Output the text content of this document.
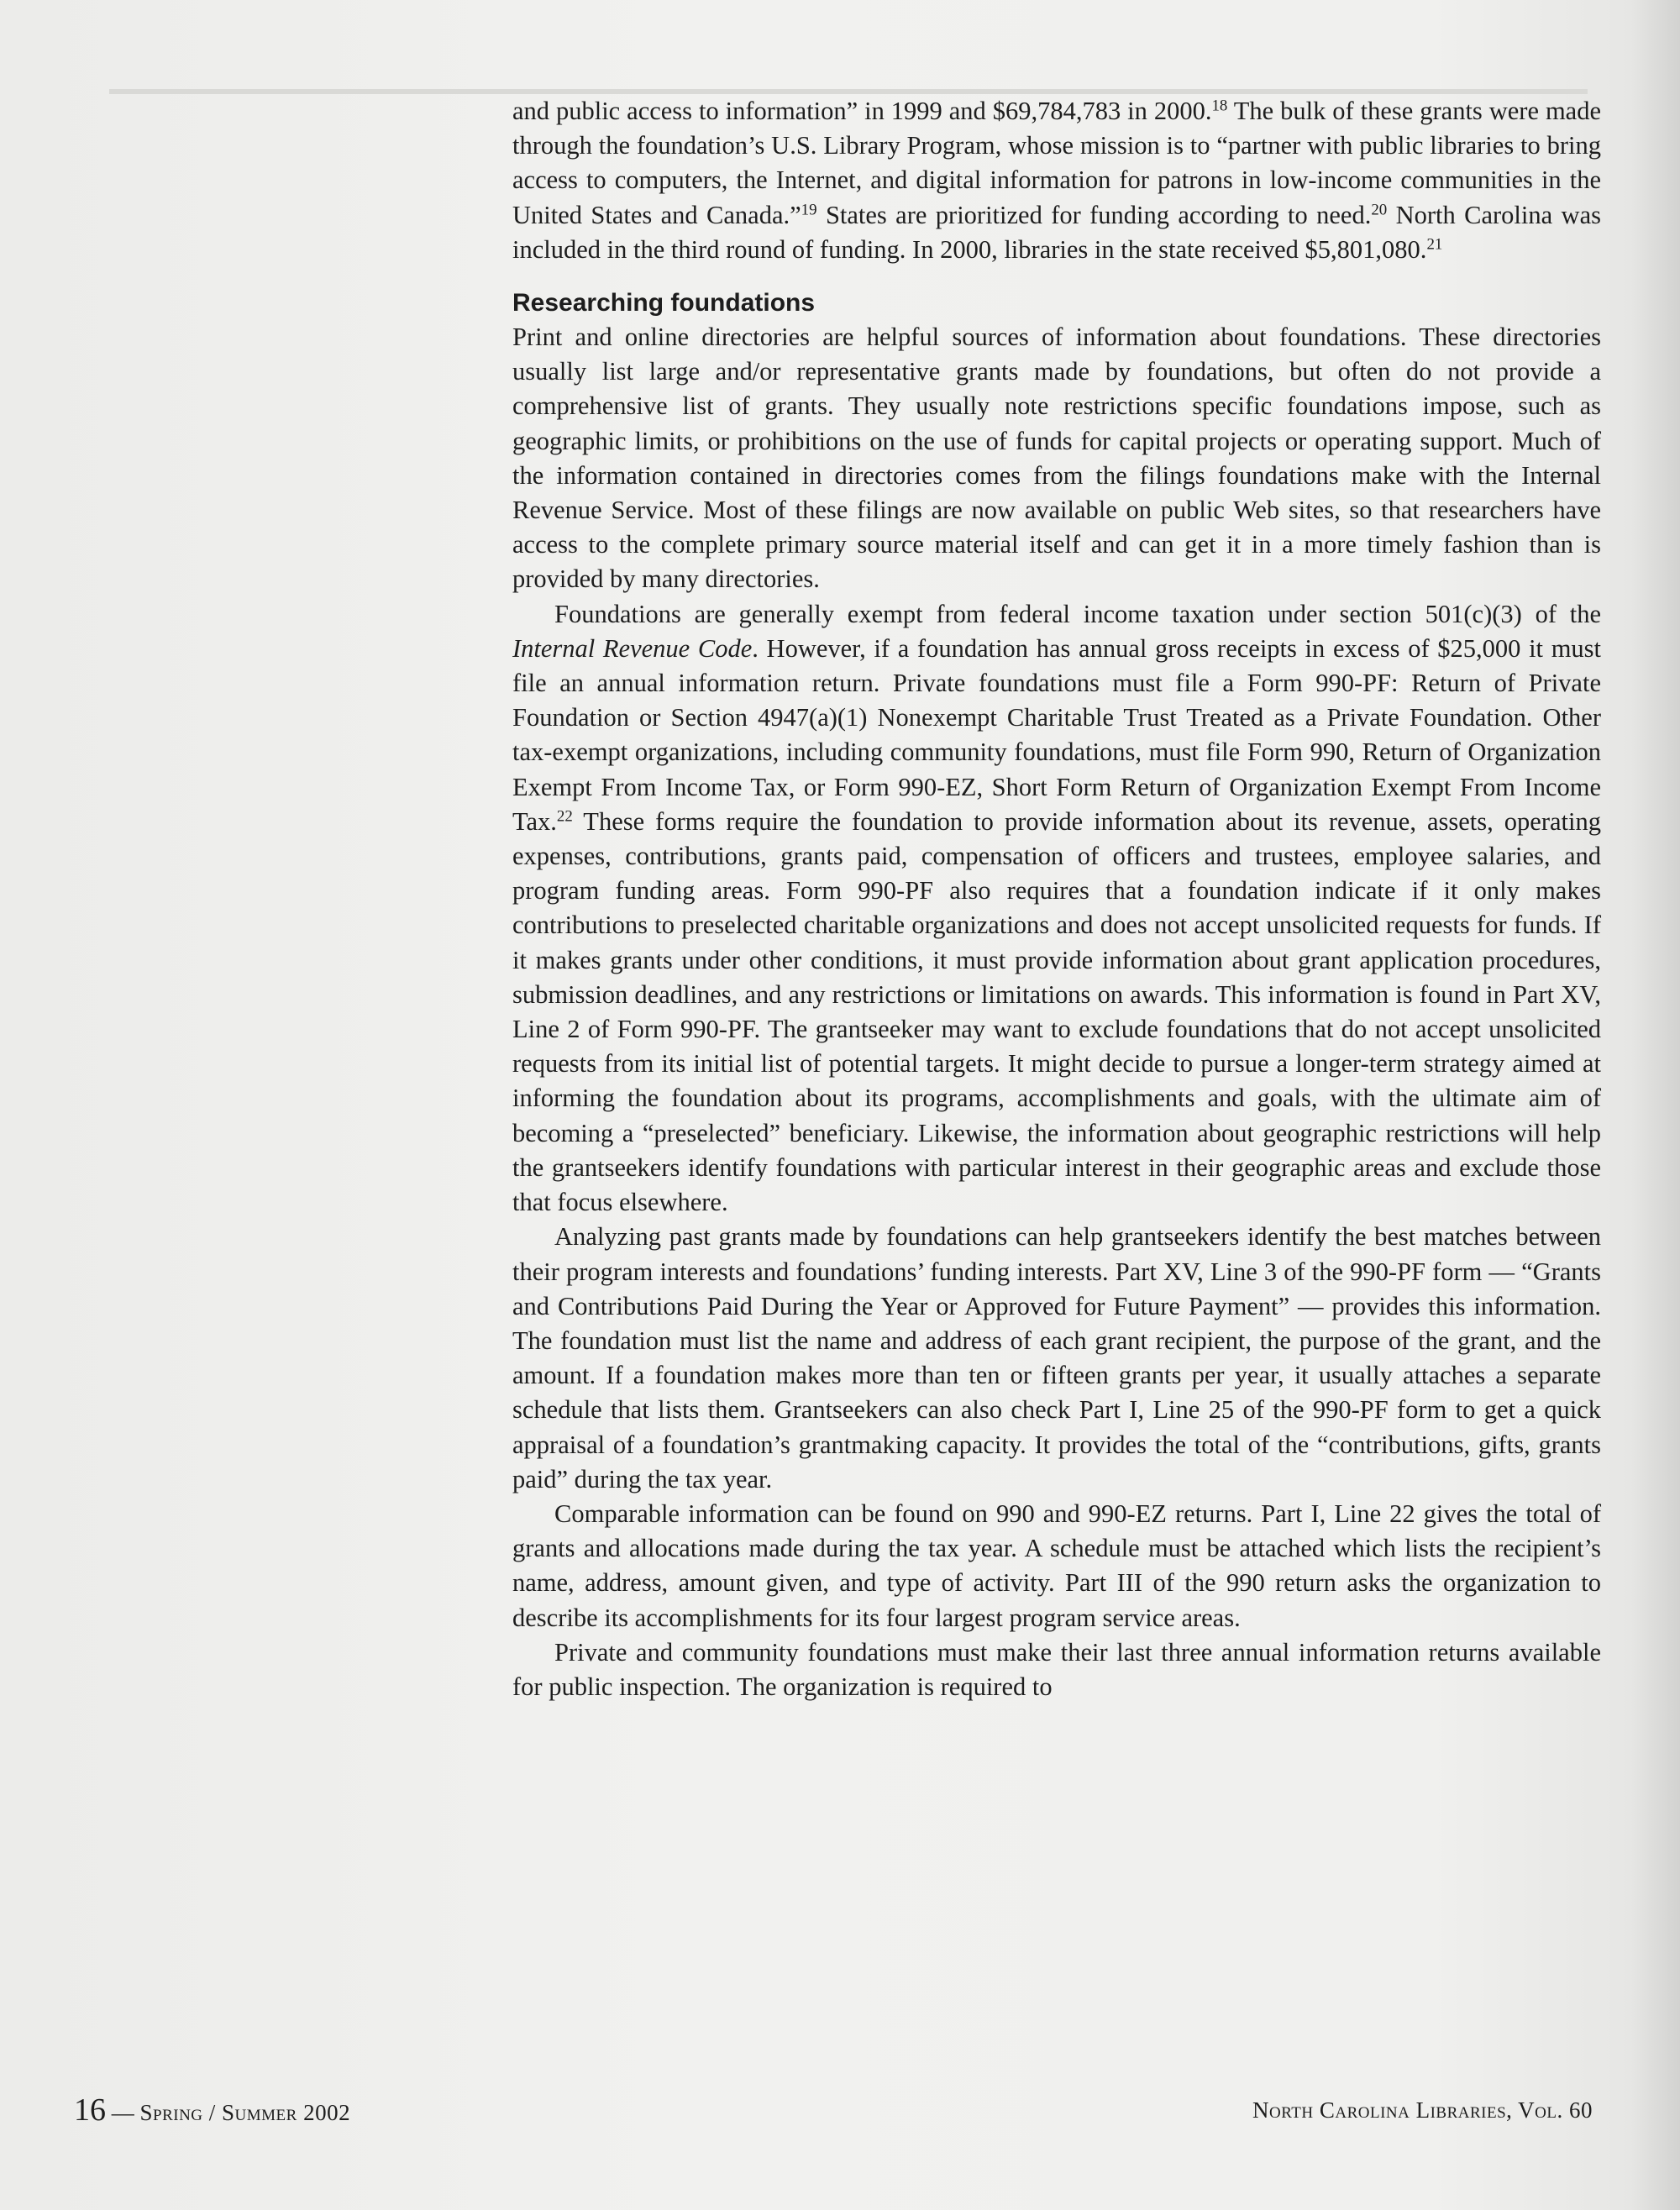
and public access to information” in 1999 and $69,784,783 in 2000.18 The bulk of these grants were made through the foundation’s U.S. Library Program, whose mission is to “partner with public libraries to bring access to computers, the Internet, and digital information for patrons in low-income communities in the United States and Canada.”$^{19}$ States are prioritized for funding according to need.$^{20}$ North Carolina was included in the third round of funding. In 2000, libraries in the state received $5,801,080.21

Researching foundations

Print and online directories are helpful sources of information about foundations. These directories usually list large and/or representative grants made by foundations, but often do not provide a comprehensive list of grants. They usually note restrictions specific foundations impose, such as geographic limits, or prohibitions on the use of funds for capital projects or operating support. Much of the information contained in directories comes from the filings foundations make with the Internal Revenue Service. Most of these filings are now available on public Web sites, so that researchers have access to the complete primary source material itself and can get it in a more timely fashion than is provided by many directories.

Foundations are generally exempt from federal income taxation under section 501(c)(3) of the Internal Revenue Code. However, if a foundation has annual gross receipts in excess of $25,000 it must file an annual information return. Private foundations must file a Form 990-PF: Return of Private Foundation or Section 4947(a)(1) Nonexempt Charitable Trust Treated as a Private Foundation. Other tax-exempt organizations, including community foundations, must file Form 990, Return of Organization Exempt From Income Tax, or Form 990-EZ, Short Form Return of Organization Exempt From Income Tax.$^{22}$ These forms require the foundation to provide information about its revenue, assets, operating expenses, contributions, grants paid, compensation of officers and trustees, employee salaries, and program funding areas. Form 990-PF also requires that a foundation indicate if it only makes contributions to preselected charitable organizations and does not accept unsolicited requests for funds. If it makes grants under other conditions, it must provide information about grant application procedures, submission deadlines, and any restrictions or limitations on awards. This information is found in Part XV, Line 2 of Form 990-PF. The grantseeker may want to exclude foundations that do not accept unsolicited requests from its initial list of potential targets. It might decide to pursue a longer-term strategy aimed at informing the foundation about its programs, accomplishments and goals, with the ultimate aim of becoming a “preselected” beneficiary. Likewise, the information about geographic restrictions will help the grantseekers identify foundations with particular interest in their geographic areas and exclude those that focus elsewhere.

Analyzing past grants made by foundations can help grantseekers identify the best matches between their program interests and foundations’ funding interests. Part XV, Line 3 of the 990-PF form — “Grants and Contributions Paid During the Year or Approved for Future Payment” — provides this information. The foundation must list the name and address of each grant recipient, the purpose of the grant, and the amount. If a foundation makes more than ten or fifteen grants per year, it usually attaches a separate schedule that lists them. Grantseekers can also check Part I, Line 25 of the 990-PF form to get a quick appraisal of a foundation’s grantmaking capacity. It provides the total of the “contributions, gifts, grants paid” during the tax year.

Comparable information can be found on 990 and 990-EZ returns. Part I, Line 22 gives the total of grants and allocations made during the tax year. A schedule must be attached which lists the recipient’s name, address, amount given, and type of activity. Part III of the 990 return asks the organization to describe its accomplishments for its four largest program service areas.

Private and community foundations must make their last three annual information returns available for public inspection. The organization is required to

16 — Spring / Summer 2002	North Carolina Libraries, Vol. 60
